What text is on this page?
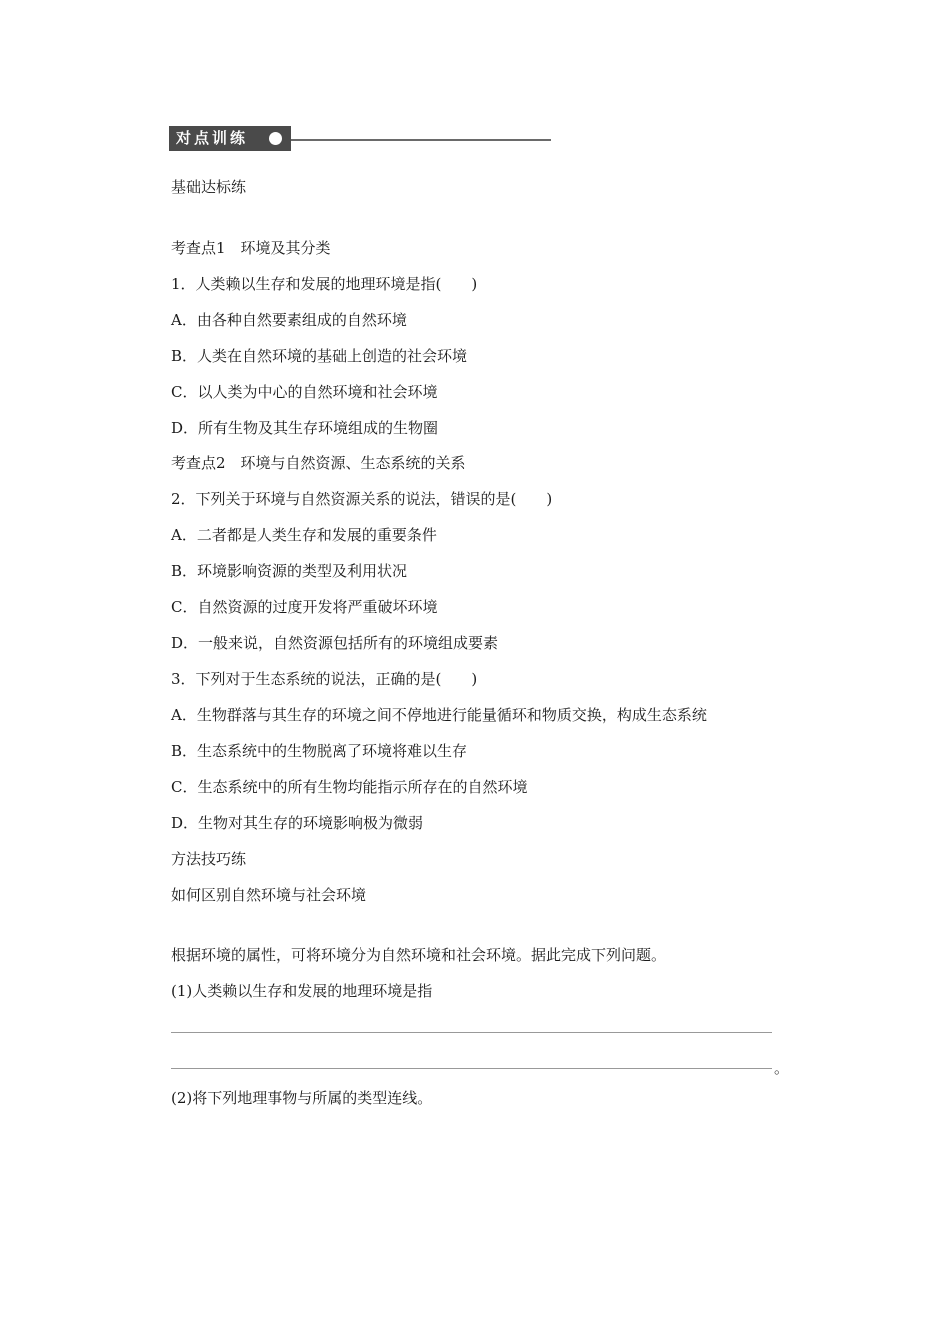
对点训练
基础达标练
考查点1　环境及其分类
1．人类赖以生存和发展的地理环境是指(　　)
A．由各种自然要素组成的自然环境
B．人类在自然环境的基础上创造的社会环境
C．以人类为中心的自然环境和社会环境
D．所有生物及其生存环境组成的生物圈
考查点2　环境与自然资源、生态系统的关系
2．下列关于环境与自然资源关系的说法，错误的是(　　)
A．二者都是人类生存和发展的重要条件
B．环境影响资源的类型及利用状况
C．自然资源的过度开发将严重破坏环境
D．一般来说，自然资源包括所有的环境组成要素
3．下列对于生态系统的说法，正确的是(　　)
A．生物群落与其生存的环境之间不停地进行能量循环和物质交换，构成生态系统
B．生态系统中的生物脱离了环境将难以生存
C．生态系统中的所有生物均能指示所存在的自然环境
D．生物对其生存的环境影响极为微弱
方法技巧练
如何区别自然环境与社会环境
根据环境的属性，可将环境分为自然环境和社会环境。据此完成下列问题。
(1)人类赖以生存和发展的地理环境是指
。
(2)将下列地理事物与所属的类型连线。
